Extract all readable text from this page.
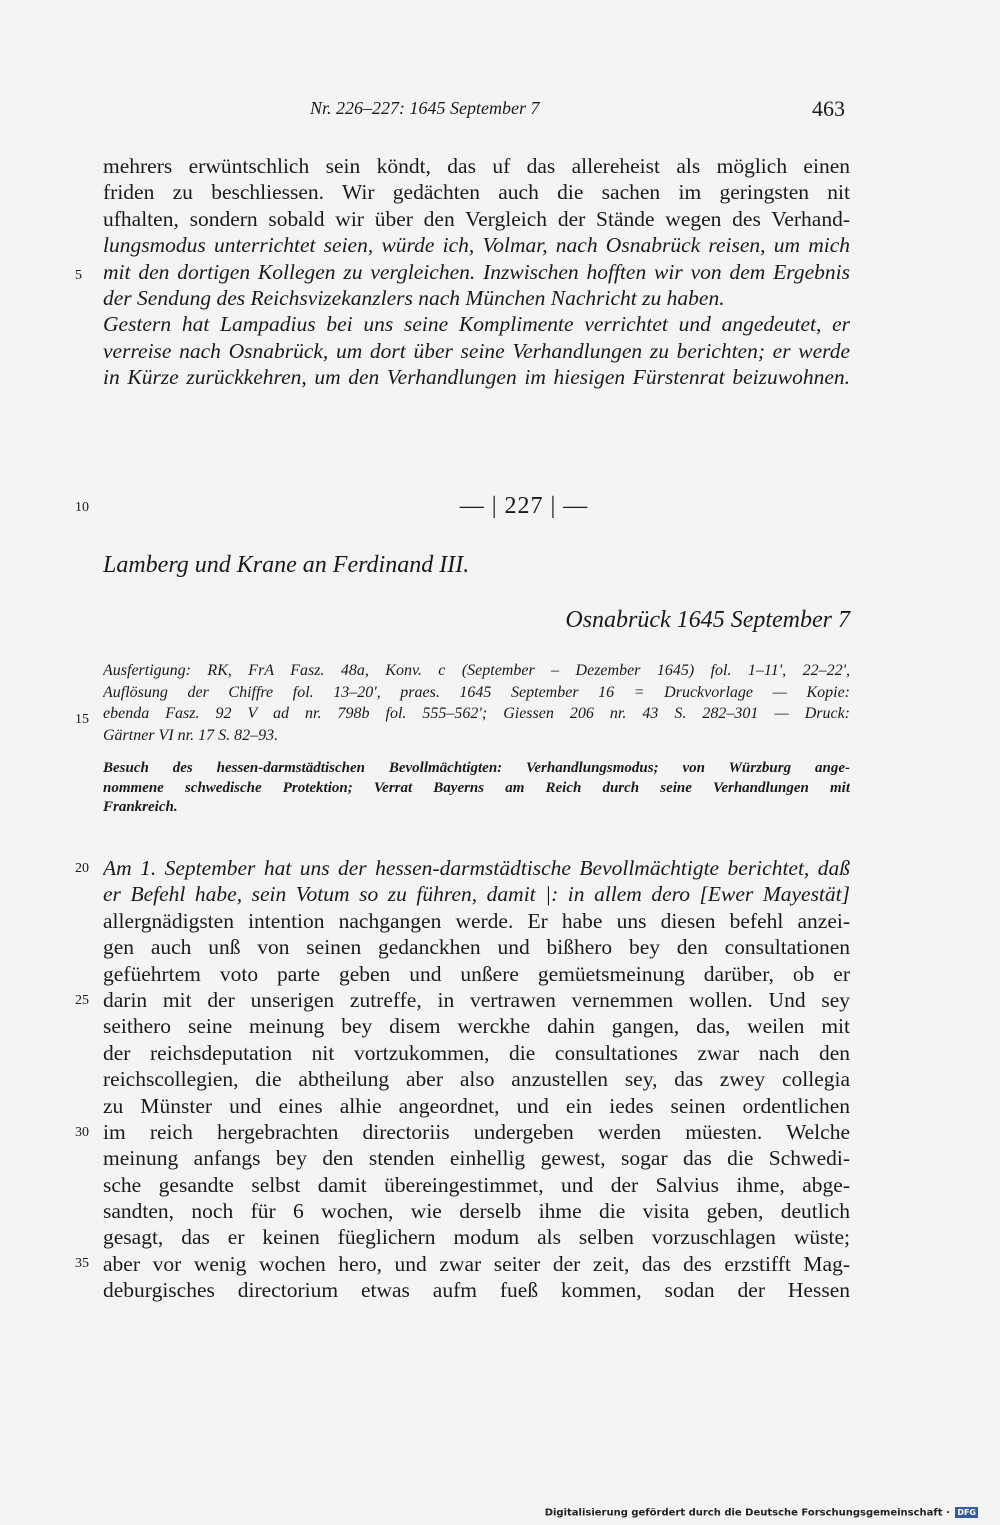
Nr. 226–227: 1645 September 7	463
mehrers erwüntschlich sein köndt, das uf das allereheist als möglich einen
friden zu beschliessen. Wir gedächten auch die sachen im geringsten nit
ufhalten, sondern sobald wir über den Vergleich der Stände wegen des Verhand-
lungsmodus unterrichtet seien, würde ich, Volmar, nach Osnabrück reisen, um mich
mit den dortigen Kollegen zu vergleichen. Inzwischen hofften wir von dem Ergebnis
der Sendung des Reichsvizekanzlers nach München Nachricht zu haben.
Gestern hat Lampadius bei uns seine Komplimente verrichtet und angedeutet, er
verreise nach Osnabrück, um dort über seine Verhandlungen zu berichten; er werde
in Kürze zurückkehren, um den Verhandlungen im hiesigen Fürstenrat beizuwohnen.
5
10
15
20
25
30
35
— | 227 | —
Lamberg und Krane an Ferdinand III.
Osnabrück 1645 September 7
Ausfertigung: RK, FrA Fasz. 48a, Konv. c (September – Dezember 1645) fol. 1–11', 22–22',
Auflösung der Chiffre fol. 13–20', praes. 1645 September 16 = Druckvorlage — Kopie:
ebenda Fasz. 92 V ad nr. 798b fol. 555–562'; Giessen 206 nr. 43 S. 282–301 — Druck:
Gärtner VI nr. 17 S. 82–93.
Besuch des hessen-darmstädtischen Bevollmächtigten: Verhandlungsmodus; von Würzburg ange-
nommene schwedische Protektion; Verrat Bayerns am Reich durch seine Verhandlungen mit
Frankreich.
Am 1. September hat uns der hessen-darmstädtische Bevollmächtigte berichtet, daß
er Befehl habe, sein Votum so zu führen, damit |: in allem dero [Ewer Mayestät]
allergnädigsten intention nachgangen werde. Er habe uns diesen befehl anzei-
gen auch unß von seinen gedanckhen und bißhero bey den consultationen
gefüehrtem voto parte geben und unßere gemüetsmeinung darüber, ob er
darin mit der unserigen zutreffe, in vertrawen vernemmen wollen. Und sey
seithero seine meinung bey disem werckhe dahin gangen, das, weilen mit
der reichsdeputation nit vortzukommen, die consultationes zwar nach den
reichscollegien, die abtheilung aber also anzustellen sey, das zwey collegia
zu Münster und eines alhie angeordnet, und ein iedes seinen ordentlichen
im reich hergebrachten directoriis undergeben werden müesten. Welche
meinung anfangs bey den stenden einhellig gewest, sogar das die Schwedi-
sche gesandte selbst damit übereingestimmet, und der Salvius ihme, abge-
sandten, noch für 6 wochen, wie derselb ihme die visita geben, deutlich
gesagt, das er keinen füeglichern modum als selben vorzuschlagen wüste;
aber vor wenig wochen hero, und zwar seiter der zeit, das des erzstifft Mag-
deburgisches directorium etwas aufm fueß kommen, sodan der Hessen
Digitalisierung gefördert durch die Deutsche Forschungsgemeinschaft · DFG
